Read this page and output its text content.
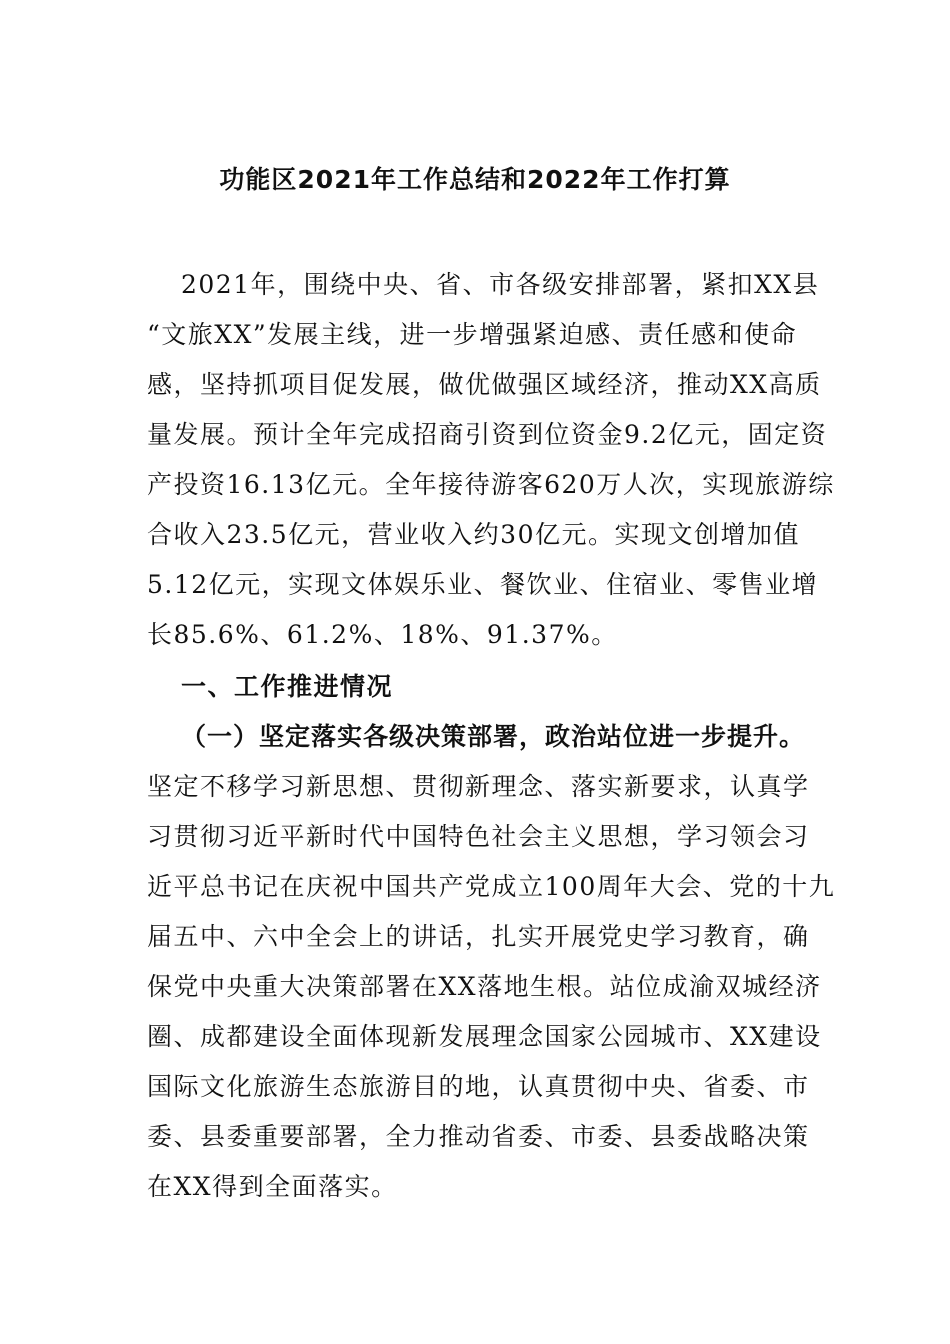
功能区2021年工作总结和2022年工作打算
2021年，围绕中央、省、市各级安排部署，紧扣XX县
“文旅XX”发展主线，进一步增强紧迫感、责任感和使命
感，坚持抓项目促发展，做优做强区域经济，推动XX高质
量发展。预计全年完成招商引资到位资金9.2亿元，固定资
产投资16.13亿元。全年接待游客620万人次，实现旅游综
合收入23.5亿元，营业收入约30亿元。实现文创增加值
5.12亿元，实现文体娱乐业、餐饮业、住宿业、零售业增
长85.6%、61.2%、18%、91.37%。
一、工作推进情况
（一）坚定落实各级决策部署，政治站位进一步提升。
坚定不移学习新思想、贯彻新理念、落实新要求，认真学
习贯彻习近平新时代中国特色社会主义思想，学习领会习
近平总书记在庆祝中国共产党成立100周年大会、党的十九
届五中、六中全会上的讲话，扎实开展党史学习教育，确
保党中央重大决策部署在XX落地生根。站位成渝双城经济
圈、成都建设全面体现新发展理念国家公园城市、XX建设
国际文化旅游生态旅游目的地，认真贯彻中央、省委、市
委、县委重要部署，全力推动省委、市委、县委战略决策
在XX得到全面落实。
